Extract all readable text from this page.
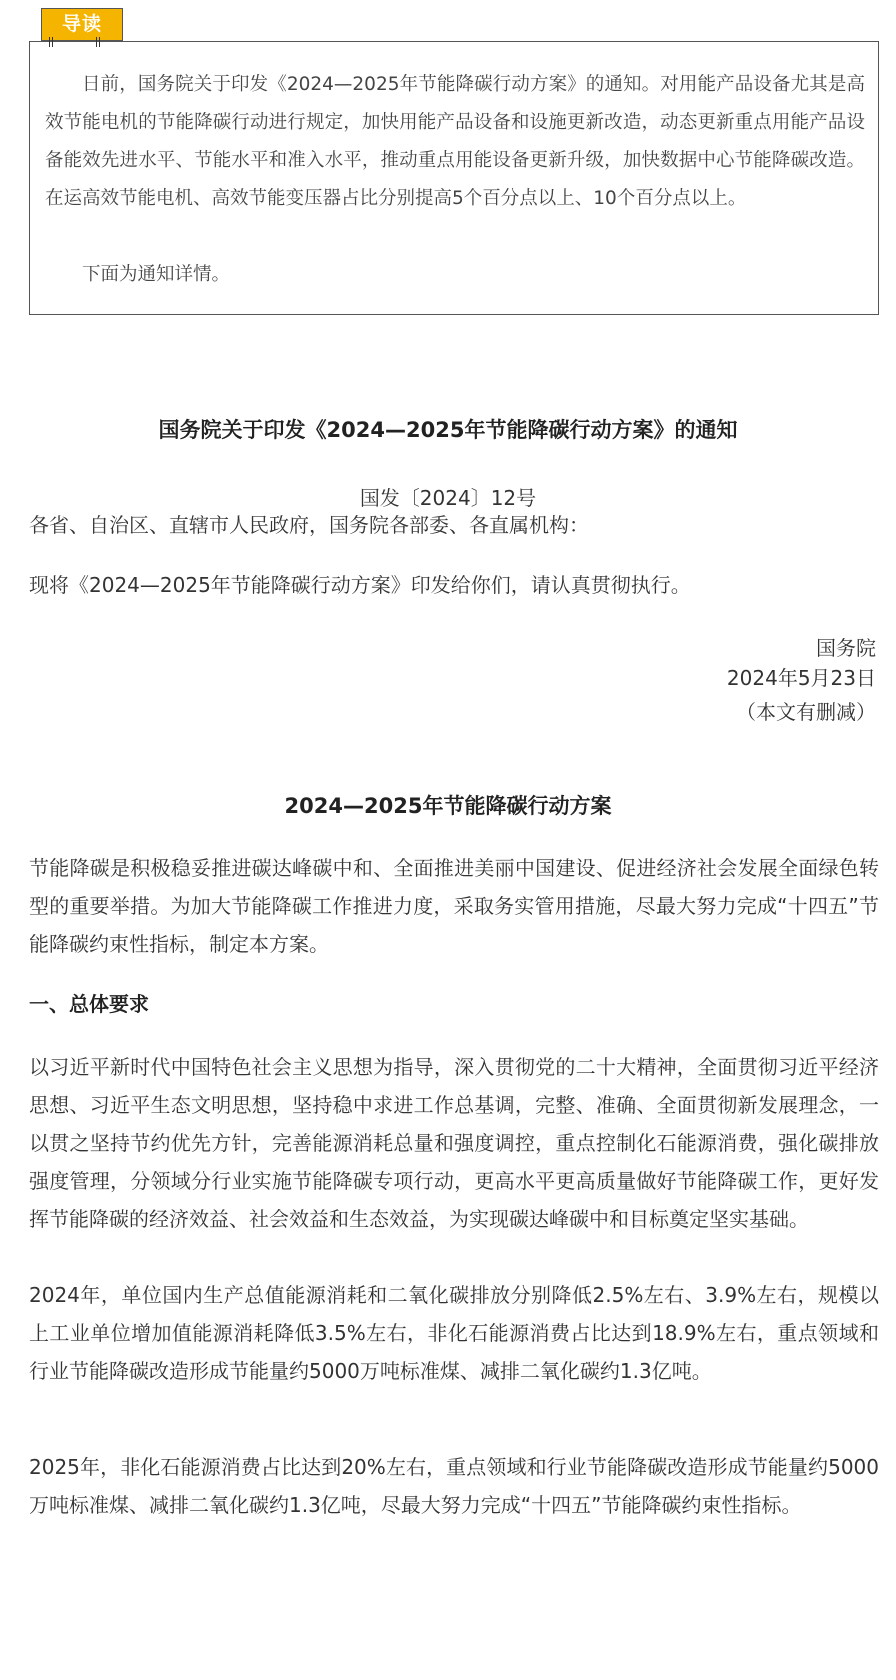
导读

日前，国务院关于印发《2024—2025年节能降碳行动方案》的通知。对用能产品设备尤其是高效节能电机的节能降碳行动进行规定，加快用能产品设备和设施更新改造，动态更新重点用能产品设备能效先进水平、节能水平和准入水平，推动重点用能设备更新升级，加快数据中心节能降碳改造。在运高效节能电机、高效节能变压器占比分别提高5个百分点以上、10个百分点以上。

下面为通知详情。

国务院关于印发《2024—2025年节能降碳行动方案》的通知

国发〔2024〕12号

各省、自治区、直辖市人民政府，国务院各部委、各直属机构：

现将《2024—2025年节能降碳行动方案》印发给你们，请认真贯彻执行。

国务院

2024年5月23日

（本文有删减）

2024—2025年节能降碳行动方案

节能降碳是积极稳妥推进碳达峰碳中和、全面推进美丽中国建设、促进经济社会发展全面绿色转型的重要举措。为加大节能降碳工作推进力度，采取务实管用措施，尽最大努力完成“十四五”节能降碳约束性指标，制定本方案。

一、总体要求

以习近平新时代中国特色社会主义思想为指导，深入贯彻党的二十大精神，全面贯彻习近平经济思想、习近平生态文明思想，坚持稳中求进工作总基调，完整、准确、全面贯彻新发展理念，一以贯之坚持节约优先方针，完善能源消耗总量和强度调控，重点控制化石能源消费，强化碳排放强度管理，分领域分行业实施节能降碳专项行动，更高水平更高质量做好节能降碳工作，更好发挥节能降碳的经济效益、社会效益和生态效益，为实现碳达峰碳中和目标奠定坚实基础。

2024年，单位国内生产总值能源消耗和二氧化碳排放分别降低2.5%左右、3.9%左右，规模以上工业单位增加值能源消耗降低3.5%左右，非化石能源消费占比达到18.9%左右，重点领域和行业节能降碳改造形成节能量约5000万吨标准煤、减排二氧化碳约1.3亿吨。

2025年，非化石能源消费占比达到20%左右，重点领域和行业节能降碳改造形成节能量约5000万吨标准煤、减排二氧化碳约1.3亿吨，尽最大努力完成“十四五”节能降碳约束性指标。
